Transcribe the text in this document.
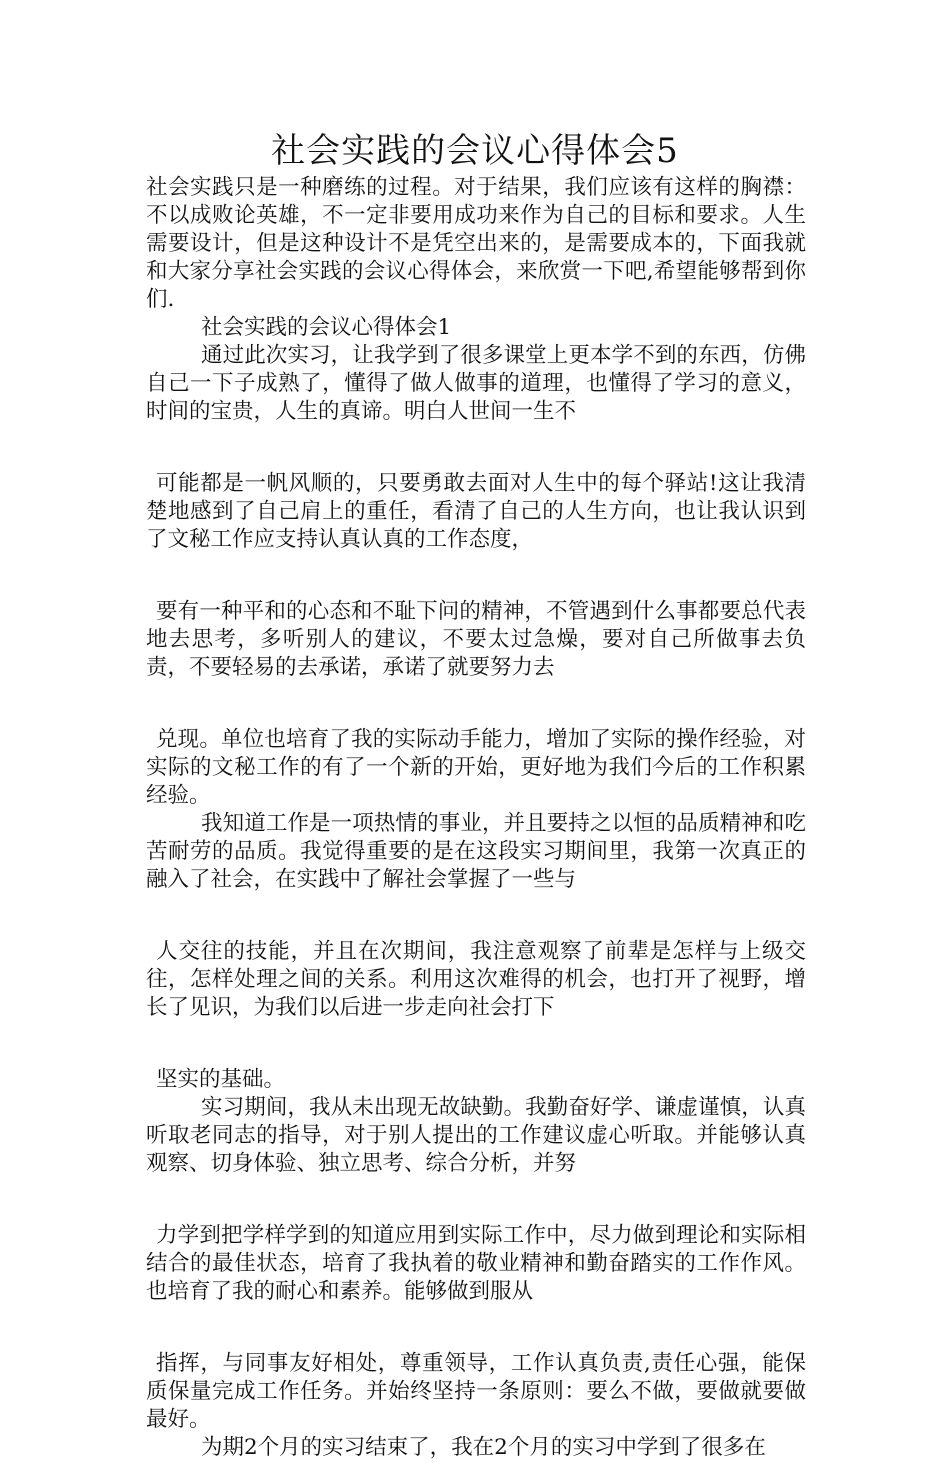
社会实践的会议心得体会5

社会实践只是一种磨练的过程。对于结果，我们应该有这样的胸襟：不以成败论英雄，不一定非要用成功来作为自己的目标和要求。人生需要设计，但是这种设计不是凭空出来的，是需要成本的，下面我就和大家分享社会实践的会议心得体会，来欣赏一下吧,希望能够帮到你们.

社会实践的会议心得体会1

通过此次实习，让我学到了很多课堂上更本学不到的东西，仿佛自己一下子成熟了，懂得了做人做事的道理，也懂得了学习的意义，时间的宝贵，人生的真谛。明白人世间一生不

可能都是一帆风顺的，只要勇敢去面对人生中的每个驿站!这让我清楚地感到了自己肩上的重任，看清了自己的人生方向，也让我认识到了文秘工作应支持认真认真的工作态度，

要有一种平和的心态和不耻下问的精神，不管遇到什么事都要总代表地去思考，多听别人的建议，不要太过急燥，要对自己所做事去负责，不要轻易的去承诺，承诺了就要努力去

兑现。单位也培育了我的实际动手能力，增加了实际的操作经验，对实际的文秘工作的有了一个新的开始，更好地为我们今后的工作积累经验。

我知道工作是一项热情的事业，并且要持之以恒的品质精神和吃苦耐劳的品质。我觉得重要的是在这段实习期间里，我第一次真正的融入了社会，在实践中了解社会掌握了一些与

人交往的技能，并且在次期间，我注意观察了前辈是怎样与上级交往，怎样处理之间的关系。利用这次难得的机会，也打开了视野，增长了见识，为我们以后进一步走向社会打下

坚实的基础。

实习期间，我从未出现无故缺勤。我勤奋好学、谦虚谨慎，认真听取老同志的指导，对于别人提出的工作建议虚心听取。并能够认真观察、切身体验、独立思考、综合分析，并努

力学到把学样学到的知道应用到实际工作中，尽力做到理论和实际相结合的最佳状态，培育了我执着的敬业精神和勤奋踏实的工作作风。也培育了我的耐心和素养。能够做到服从

指挥，与同事友好相处，尊重领导，工作认真负责,责任心强，能保质保量完成工作任务。并始终坚持一条原则：要么不做，要做就要做最好。

为期2个月的实习结束了，我在2个月的实习中学到了很多在
